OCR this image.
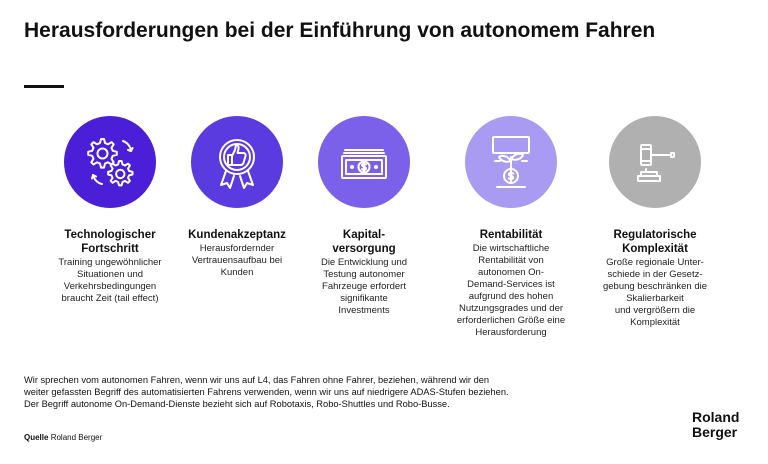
Herausforderungen bei der Einführung von autonomem Fahren
Technologischer
Fortschritt
Training ungewöhnlicher
Situationen und
Verkehrsbedingungen
braucht Zeit (tail effect)
Kundenakzeptanz
Herausfordernder
Vertrauensaufbau bei
Kunden
Kapital-
versorgung
Die Entwicklung und
Testung autonomer
Fahrzeuge erfordert
signifikante
Investments
Rentabilität
Die wirtschaftliche
Rentabilität von
autonomen On-
Demand-Services ist
aufgrund des hohen
Nutzungsgrades und der
erforderlichen Größe eine
Herausforderung
Regulatorische
Komplexität
Große regionale Unter-
schiede in der Gesetz-
gebung beschränken die
Skalierbarkeit
und vergrößern die
Komplexität
Wir sprechen vom autonomen Fahren, wenn wir uns auf L4, das Fahren ohne Fahrer, beziehen, während wir den
weiter gefassten Begriff des automatisierten Fahrens verwenden, wenn wir uns auf niedrigere ADAS-Stufen beziehen.
Der Begriff autonome On-Demand-Dienste bezieht sich auf Robotaxis, Robo-Shuttles und Robo-Busse.
Quelle Roland Berger
Roland
Berger
